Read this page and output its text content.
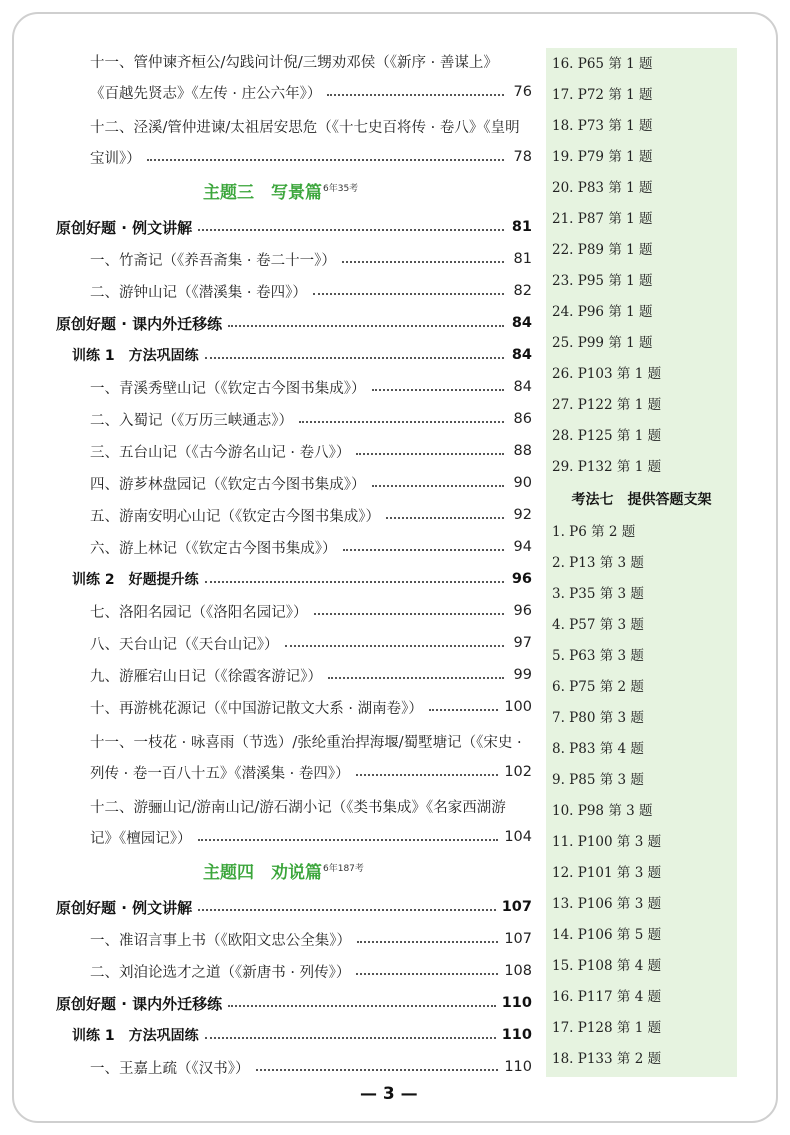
十一、管仲谏齐桓公/勾践问计倪/三甥劝邓侯（《新序 · 善谋上》
《百越先贤志》《左传 · 庄公六年》）	76
十二、泾溪/管仲进谏/太祖居安思危（《十七史百将传 · 卷八》《皇明
宝训》）	78
主题三　写景篇$^{6年35考}$
原创好题 · 例文讲解	81
一、竹斋记（《养吾斋集 · 卷二十一》）	81
二、游钟山记（《潜溪集 · 卷四》）	82
原创好题 · 课内外迁移练	84
训练 1　方法巩固练	84
一、青溪秀壁山记（《钦定古今图书集成》）	84
二、入蜀记（《万历三峡通志》）	86
三、五台山记（《古今游名山记 · 卷八》）	88
四、游芗林盘园记（《钦定古今图书集成》）	90
五、游南安明心山记（《钦定古今图书集成》）	92
六、游上林记（《钦定古今图书集成》）	94
训练 2　好题提升练	96
七、洛阳名园记（《洛阳名园记》）	96
八、天台山记（《天台山记》）	97
九、游雁宕山日记（《徐霞客游记》）	99
十、再游桃花源记（《中国游记散文大系 · 湖南卷》）	100
十一、一枝花 · 咏喜雨（节选）/张纶重治捍海堰/蜀墅塘记（《宋史 ·
列传 · 卷一百八十五》《潜溪集 · 卷四》）	102
十二、游骊山记/游南山记/游石湖小记（《类书集成》《名家西湖游
记》《檀园记》）	104
主题四　劝说篇$^{6年187考}$
原创好题 · 例文讲解	107
一、准诏言事上书（《欧阳文忠公全集》）	107
二、刘洎论选才之道（《新唐书 · 列传》）	108
原创好题 · 课内外迁移练	110
训练 1　方法巩固练	110
一、王嘉上疏（《汉书》）	110
16. P65 第 1 题
17. P72 第 1 题
18. P73 第 1 题
19. P79 第 1 题
20. P83 第 1 题
21. P87 第 1 题
22. P89 第 1 题
23. P95 第 1 题
24. P96 第 1 题
25. P99 第 1 题
26. P103 第 1 题
27. P122 第 1 题
28. P125 第 1 题
29. P132 第 1 题
考法七　提供答题支架
1. P6 第 2 题
2. P13 第 3 题
3. P35 第 3 题
4. P57 第 3 题
5. P63 第 3 题
6. P75 第 2 题
7. P80 第 3 题
8. P83 第 4 题
9. P85 第 3 题
10. P98 第 3 题
11. P100 第 3 题
12. P101 第 3 题
13. P106 第 3 题
14. P106 第 5 题
15. P108 第 4 题
16. P117 第 4 题
17. P128 第 1 题
18. P133 第 2 题
— 3 —
